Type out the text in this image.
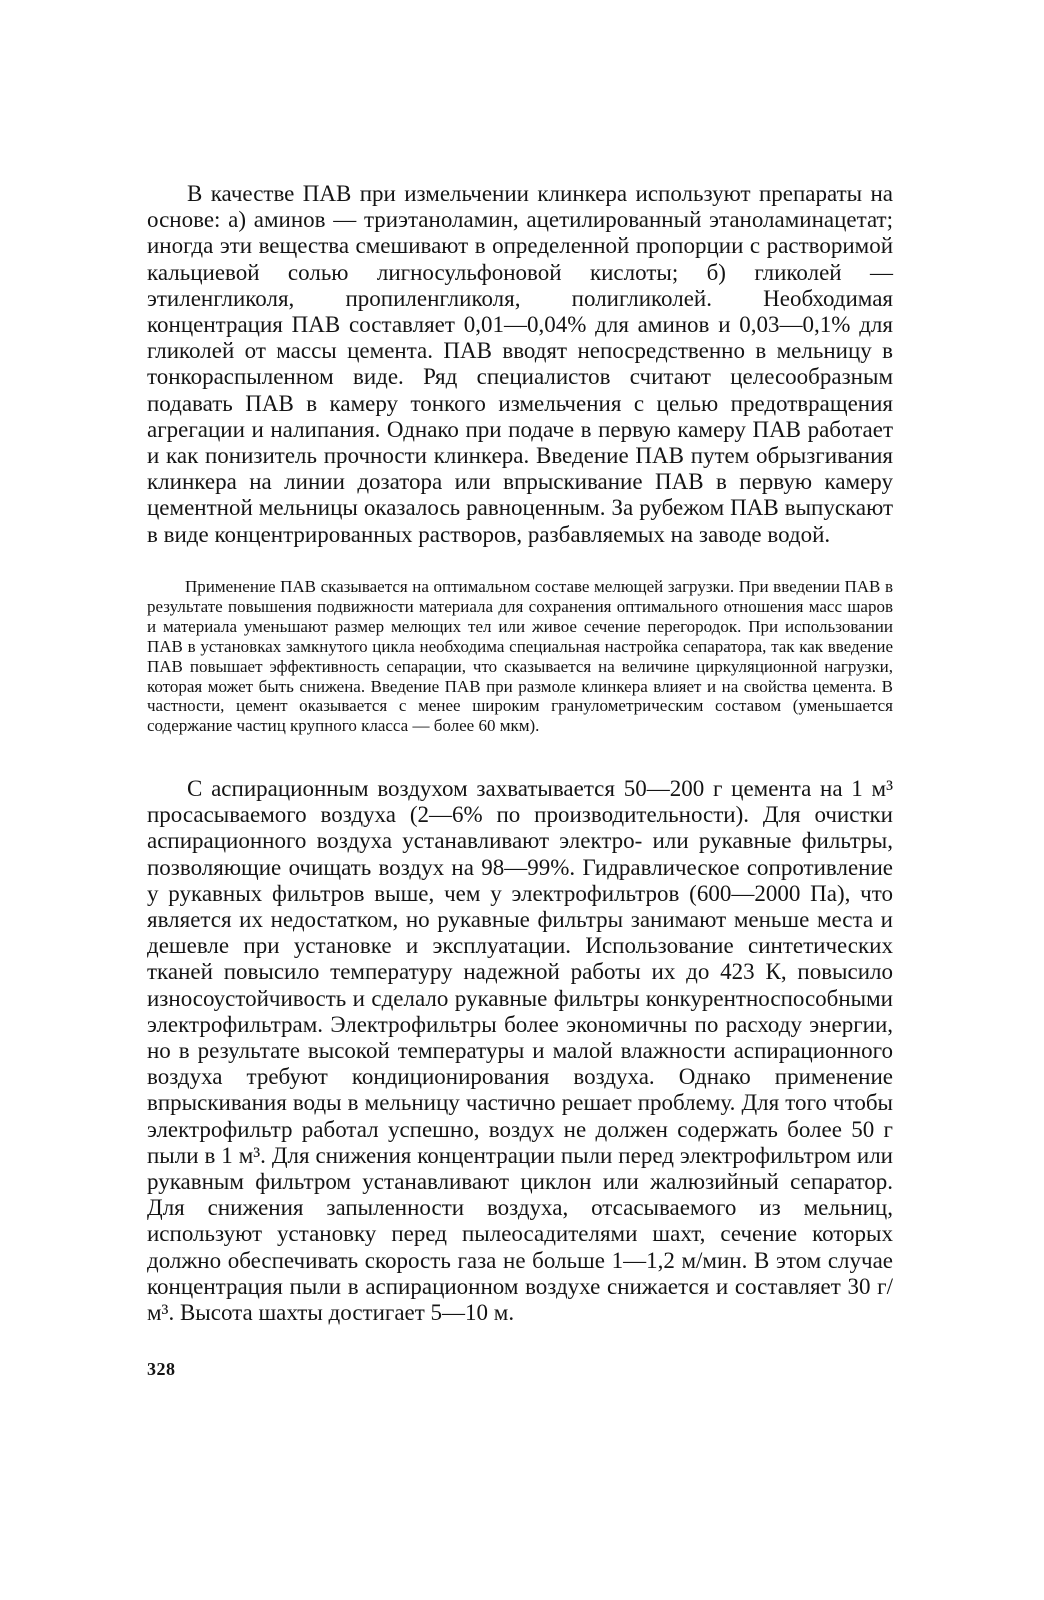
В качестве ПАВ при измельчении клинкера используют препараты на основе: а) аминов — триэтаноламин, ацетилированный этаноламинацетат; иногда эти вещества смешивают в определенной пропорции с растворимой кальциевой солью лигносульфоновой кислоты; б) гликолей — этиленгликоля, пропиленгликоля, полигликолей. Необходимая концентрация ПАВ составляет 0,01—0,04% для аминов и 0,03—0,1% для гликолей от массы цемента. ПАВ вводят непосредственно в мельницу в тонкораспыленном виде. Ряд специалистов считают целесообразным подавать ПАВ в камеру тонкого измельчения с целью предотвращения агрегации и налипания. Однако при подаче в первую камеру ПАВ работает и как понизитель прочности клинкера. Введение ПАВ путем обрызгивания клинкера на линии дозатора или впрыскивание ПАВ в первую камеру цементной мельницы оказалось равноценным. За рубежом ПАВ выпускают в виде концентрированных растворов, разбавляемых на заводе водой.

Применение ПАВ сказывается на оптимальном составе мелющей загрузки. При введении ПАВ в результате повышения подвижности материала для сохранения оптимального отношения масс шаров и материала уменьшают размер мелющих тел или живое сечение перегородок. При использовании ПАВ в установках замкнутого цикла необходима специальная настройка сепаратора, так как введение ПАВ повышает эффективность сепарации, что сказывается на величине циркуляционной нагрузки, которая может быть снижена. Введение ПАВ при размоле клинкера влияет и на свойства цемента. В частности, цемент оказывается с менее широким гранулометрическим составом (уменьшается содержание частиц крупного класса — более 60 мкм).

С аспирационным воздухом захватывается 50—200 г цемента на 1 м³ просасываемого воздуха (2—6% по производительности). Для очистки аспирационного воздуха устанавливают электро- или рукавные фильтры, позволяющие очищать воздух на 98—99%. Гидравлическое сопротивление у рукавных фильтров выше, чем у электрофильтров (600—2000 Па), что является их недостатком, но рукавные фильтры занимают меньше места и дешевле при установке и эксплуатации. Использование синтетических тканей повысило температуру надежной работы их до 423 К, повысило износоустойчивость и сделало рукавные фильтры конкурентноспособными электрофильтрам. Электрофильтры более экономичны по расходу энергии, но в результате высокой температуры и малой влажности аспирационного воздуха требуют кондиционирования воздуха. Однако применение впрыскивания воды в мельницу частично решает проблему. Для того чтобы электрофильтр работал успешно, воздух не должен содержать более 50 г пыли в 1 м³. Для снижения концентрации пыли перед электрофильтром или рукавным фильтром устанавливают циклон или жалюзийный сепаратор. Для снижения запыленности воздуха, отсасываемого из мельниц, используют установку перед пылеосадителями шахт, сечение которых должно обеспечивать скорость газа не больше 1—1,2 м/мин. В этом случае концентрация пыли в аспирационном воздухе снижается и составляет 30 г/м³. Высота шахты достигает 5—10 м.

328
